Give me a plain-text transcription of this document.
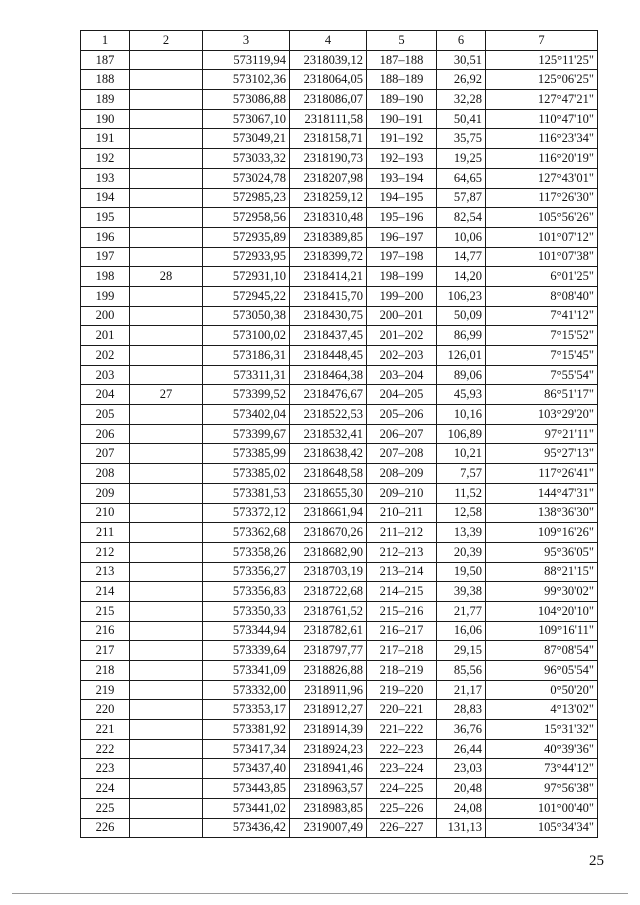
1	2	3	4	5	6	7
187		573119,94	2318039,12	187–188	30,51	125°11'25"
188		573102,36	2318064,05	188–189	26,92	125°06'25"
189		573086,88	2318086,07	189–190	32,28	127°47'21"
190		573067,10	2318111,58	190–191	50,41	110°47'10"
191		573049,21	2318158,71	191–192	35,75	116°23'34"
192		573033,32	2318190,73	192–193	19,25	116°20'19"
193		573024,78	2318207,98	193–194	64,65	127°43'01"
194		572985,23	2318259,12	194–195	57,87	117°26'30"
195		572958,56	2318310,48	195–196	82,54	105°56'26"
196		572935,89	2318389,85	196–197	10,06	101°07'12"
197		572933,95	2318399,72	197–198	14,77	101°07'38"
198	28	572931,10	2318414,21	198–199	14,20	6°01'25"
199		572945,22	2318415,70	199–200	106,23	8°08'40"
200		573050,38	2318430,75	200–201	50,09	7°41'12"
201		573100,02	2318437,45	201–202	86,99	7°15'52"
202		573186,31	2318448,45	202–203	126,01	7°15'45"
203		573311,31	2318464,38	203–204	89,06	7°55'54"
204	27	573399,52	2318476,67	204–205	45,93	86°51'17"
205		573402,04	2318522,53	205–206	10,16	103°29'20"
206		573399,67	2318532,41	206–207	106,89	97°21'11"
207		573385,99	2318638,42	207–208	10,21	95°27'13"
208		573385,02	2318648,58	208–209	7,57	117°26'41"
209		573381,53	2318655,30	209–210	11,52	144°47'31"
210		573372,12	2318661,94	210–211	12,58	138°36'30"
211		573362,68	2318670,26	211–212	13,39	109°16'26"
212		573358,26	2318682,90	212–213	20,39	95°36'05"
213		573356,27	2318703,19	213–214	19,50	88°21'15"
214		573356,83	2318722,68	214–215	39,38	99°30'02"
215		573350,33	2318761,52	215–216	21,77	104°20'10"
216		573344,94	2318782,61	216–217	16,06	109°16'11"
217		573339,64	2318797,77	217–218	29,15	87°08'54"
218		573341,09	2318826,88	218–219	85,56	96°05'54"
219		573332,00	2318911,96	219–220	21,17	0°50'20"
220		573353,17	2318912,27	220–221	28,83	4°13'02"
221		573381,92	2318914,39	221–222	36,76	15°31'32"
222		573417,34	2318924,23	222–223	26,44	40°39'36"
223		573437,40	2318941,46	223–224	23,03	73°44'12"
224		573443,85	2318963,57	224–225	20,48	97°56'38"
225		573441,02	2318983,85	225–226	24,08	101°00'40"
226		573436,42	2319007,49	226–227	131,13	105°34'34"
25
